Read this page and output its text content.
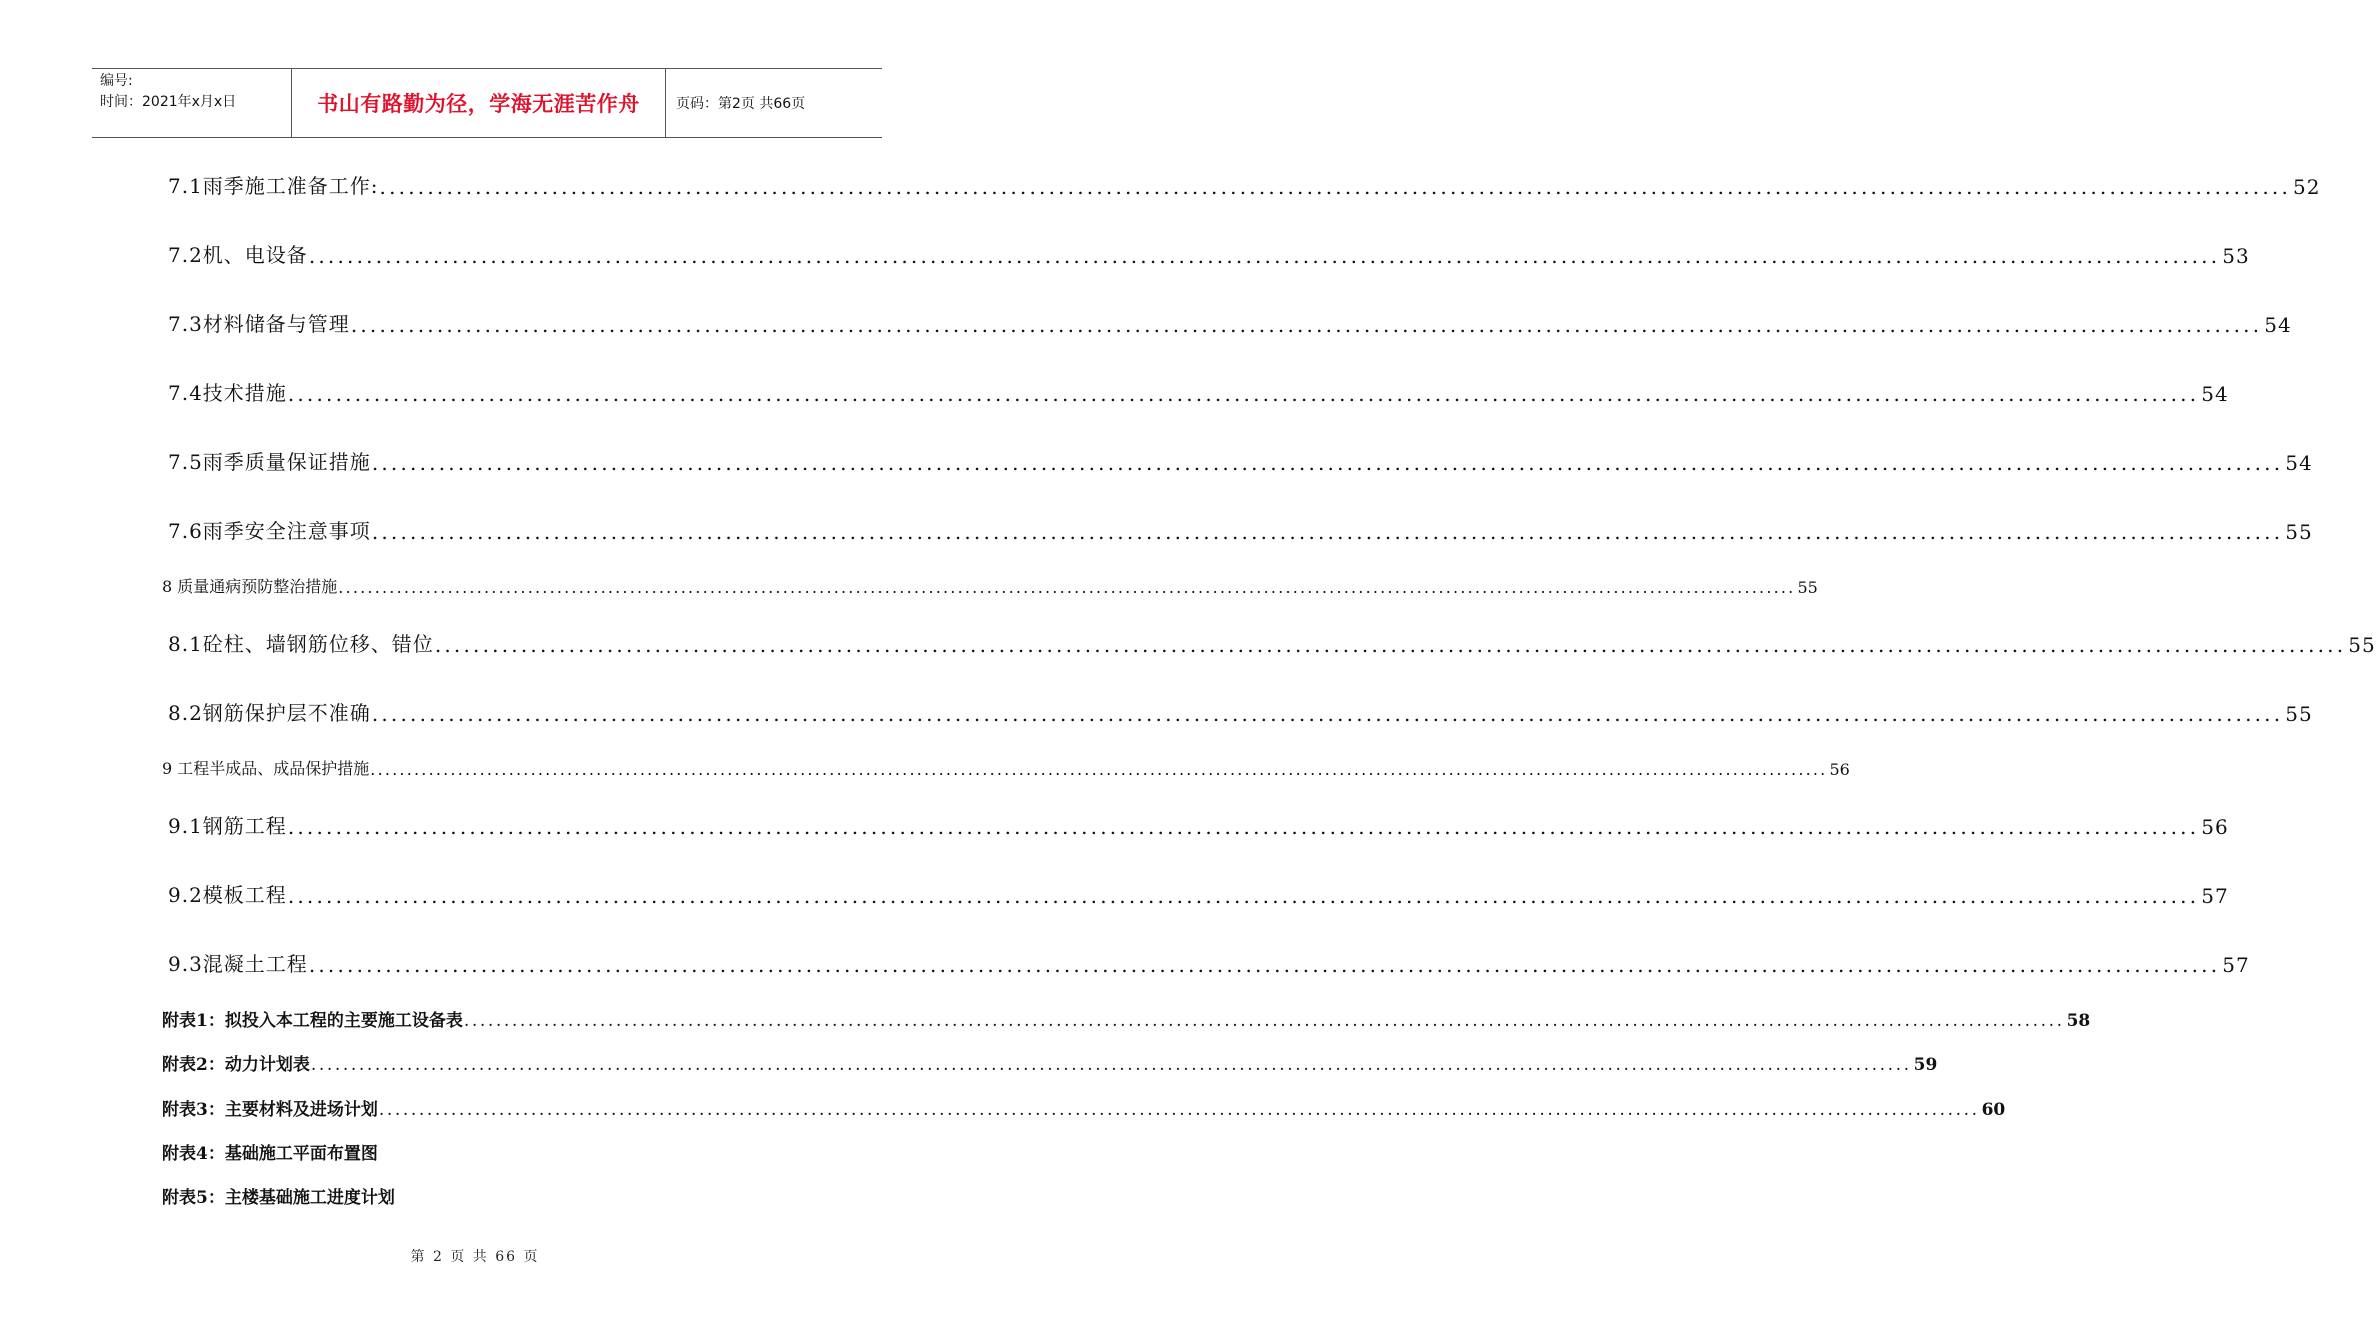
编号:
时间：2021年x月x日	书山有路勤为径，学海无涯苦作舟	页码：第2页 共66页
7.1雨季施工准备工作: ........................................................................................................................................................................................................ 52
7.2机、电设备 ........................................................................................................................................................................................................ 53
7.3材料储备与管理 ........................................................................................................................................................................................................ 54
7.4技术措施 ........................................................................................................................................................................................................ 54
7.5雨季质量保证措施 ........................................................................................................................................................................................................ 54
7.6雨季安全注意事项 ........................................................................................................................................................................................................ 55
8 质量通病预防整治措施 ........................................................................................................................................................................................................ 55
8.1砼柱、墙钢筋位移、错位 ........................................................................................................................................................................................................ 55
8.2钢筋保护层不准确 ........................................................................................................................................................................................................ 55
9 工程半成品、成品保护措施 ........................................................................................................................................................................................................ 56
9.1钢筋工程 ........................................................................................................................................................................................................ 56
9.2模板工程 ........................................................................................................................................................................................................ 57
9.3混凝土工程 ........................................................................................................................................................................................................ 57
附表1：拟投入本工程的主要施工设备表 ........................................................................................................................................................................................................ 58
附表2：动力计划表 ........................................................................................................................................................................................................ 59
附表3：主要材料及进场计划 ........................................................................................................................................................................................................ 60
附表4：基础施工平面布置图
附表5：主楼基础施工进度计划
第 2 页 共 66 页
